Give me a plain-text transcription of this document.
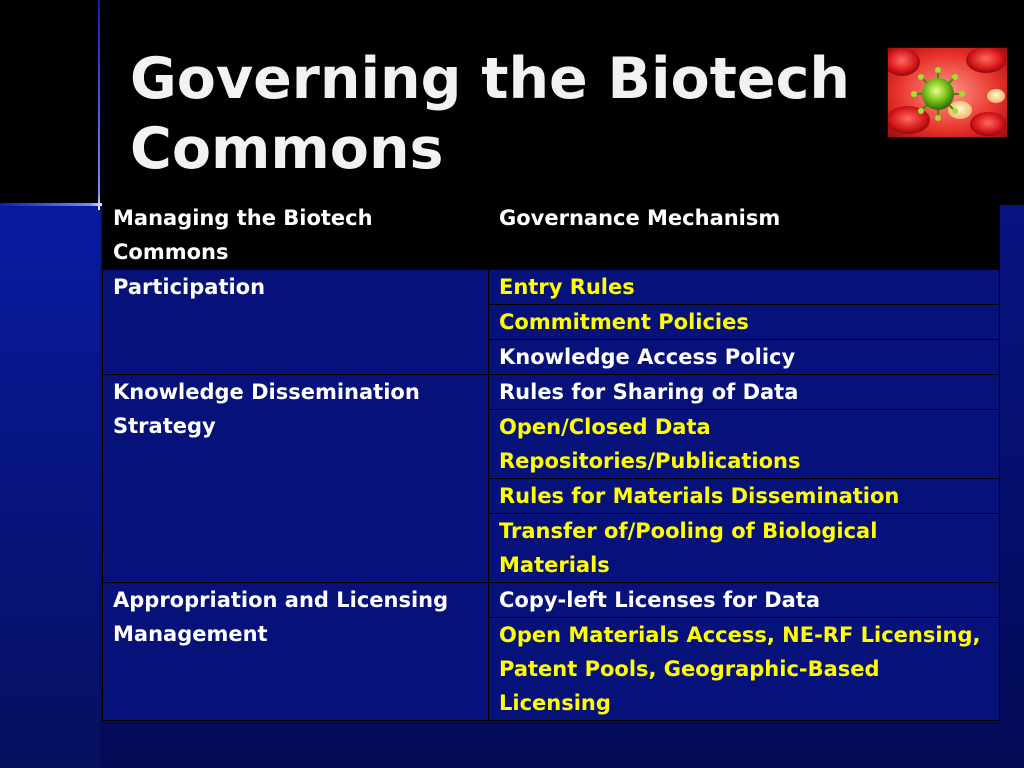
Governing the Biotech
Commons
Managing the Biotech Commons	Governance Mechanism
Participation	Entry Rules
	Commitment Policies
	Knowledge Access Policy
Knowledge Dissemination Strategy	Rules for Sharing of Data
	Open/Closed Data Repositories/Publications
	Rules for Materials Dissemination
	Transfer of/Pooling of Biological Materials
Appropriation and Licensing Management	Copy-left Licenses for Data
	Open Materials Access, NE-RF Licensing, Patent Pools, Geographic-Based Licensing
